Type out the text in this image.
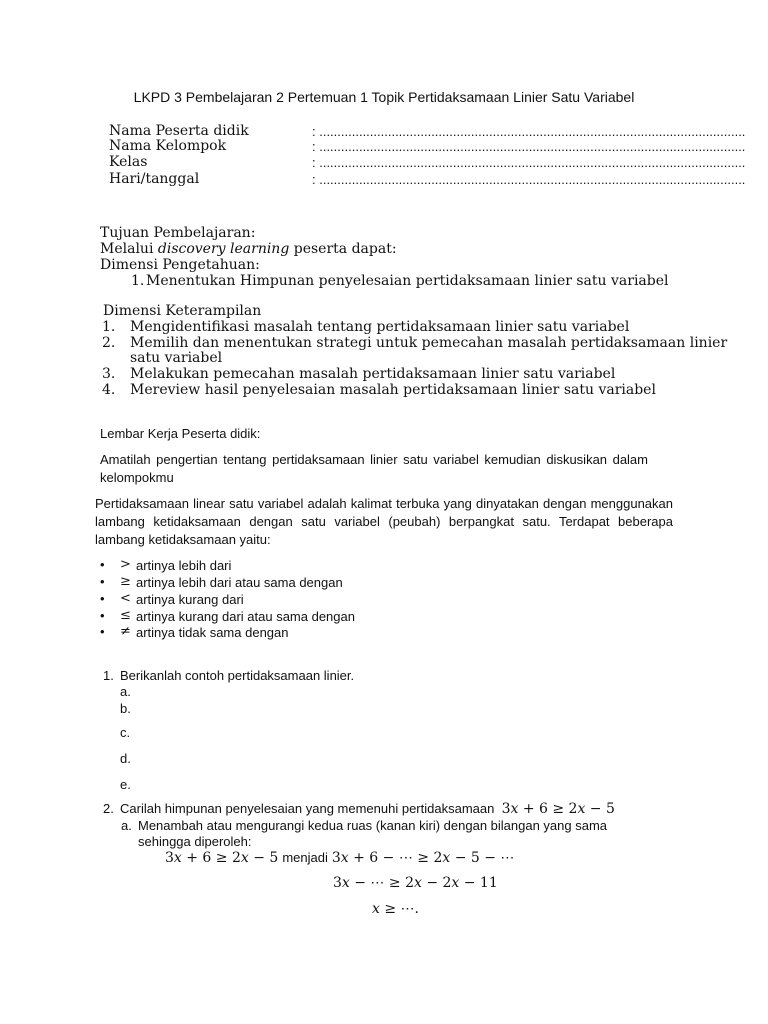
LKPD 3 Pembelajaran 2 Pertemuan 1 Topik Pertidaksamaan Linier Satu Variabel
Nama Peserta didik	: ......................................................................................................................
Nama Kelompok	: ......................................................................................................................
Kelas	: ......................................................................................................................
Hari/tanggal	: ......................................................................................................................
Tujuan Pembelajaran:
Melalui discovery learning peserta dapat:
Dimensi Pengetahuan:
1. Menentukan Himpunan penyelesaian pertidaksamaan linier satu variabel
Dimensi Keterampilan
1. Mengidentifikasi masalah tentang pertidaksamaan linier satu variabel
2. Memilih dan menentukan strategi untuk pemecahan masalah pertidaksamaan linier
satu variabel
3. Melakukan pemecahan masalah pertidaksamaan linier satu variabel
4. Mereview hasil penyelesaian masalah pertidaksamaan linier satu variabel
Lembar Kerja Peserta didik:
Amatilah pengertian tentang pertidaksamaan linier satu variabel kemudian diskusikan dalam kelompokmu
Pertidaksamaan linear satu variabel adalah kalimat terbuka yang dinyatakan dengan menggunakan lambang ketidaksamaan dengan satu variabel (peubah) berpangkat satu. Terdapat beberapa lambang ketidaksamaan yaitu:
• > artinya lebih dari
• ≥ artinya lebih dari atau sama dengan
• < artinya kurang dari
• ≤ artinya kurang dari atau sama dengan
• ≠ artinya tidak sama dengan
1. Berikanlah contoh pertidaksamaan linier.
a.
b.
c.
d.
e.
2. Carilah himpunan penyelesaian yang memenuhi pertidaksamaan 3𝑥 + 6 ≥ 2𝑥 − 5
a. Menambah atau mengurangi kedua ruas (kanan kiri) dengan bilangan yang sama
sehingga diperoleh:
3𝑥 + 6 ≥ 2𝑥 − 5 menjadi 3𝑥 + 6 − ⋯ ≥ 2𝑥 − 5 − ⋯
3𝑥 − ⋯ ≥ 2𝑥 − 2𝑥 − 11
𝑥 ≥ ⋯.
